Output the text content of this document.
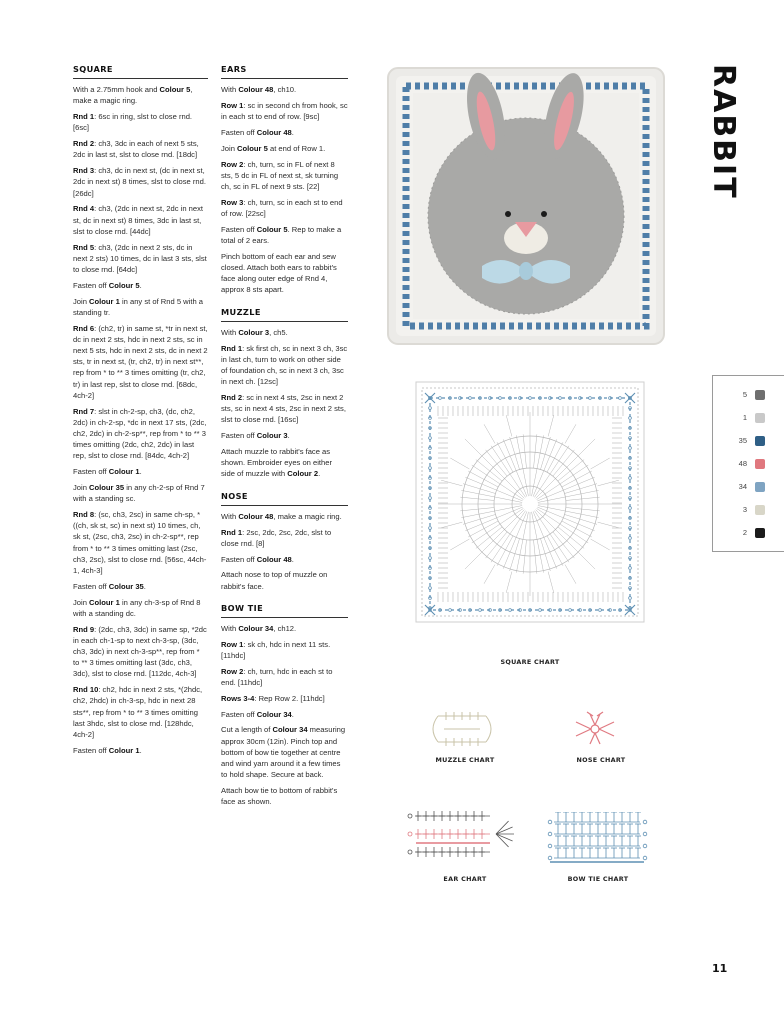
SQUARE

With a 2.75mm hook and Colour 5, make a magic ring.

Rnd 1: 6sc in ring, slst to close rnd. [6sc]

Rnd 2: ch3, 3dc in each of next 5 sts, 2dc in last st, slst to close rnd. [18dc]

Rnd 3: ch3, dc in next st, (dc in next st, 2dc in next st) 8 times, slst to close rnd. [26dc]

Rnd 4: ch3, (2dc in next st, 2dc in next st, dc in next st) 8 times, 3dc in last st, slst to close rnd. [44dc]

Rnd 5: ch3, (2dc in next 2 sts, dc in next 2 sts) 10 times, dc in last 3 sts, slst to close rnd. [64dc]

Fasten off Colour 5.

Join Colour 1 in any st of Rnd 5 with a standing tr.

Rnd 6: (ch2, tr) in same st, *tr in next st, dc in next 2 sts, hdc in next 2 sts, sc in next 5 sts, hdc in next 2 sts, dc in next 2 sts, tr in next st, (tr, ch2, tr) in next st**, rep from * to ** 3 times omitting (tr, ch2, tr) in last rep, slst to close rnd. [68dc, 4ch-2]

Rnd 7: slst in ch-2-sp, ch3, (dc, ch2, 2dc) in ch-2-sp, *dc in next 17 sts, (2dc, ch2, 2dc) in ch-2-sp**, rep from * to ** 3 times omitting (2dc, ch2, 2dc) in last rep, slst to close rnd. [84dc, 4ch-2]

Fasten off Colour 1.

Join Colour 35 in any ch-2-sp of Rnd 7 with a standing sc.

Rnd 8: (sc, ch3, 2sc) in same ch-sp, *((ch, sk st, sc) in next st) 10 times, ch, sk st, (2sc, ch3, 2sc) in ch-2-sp**, rep from * to ** 3 times omitting last (2sc, ch3, 2sc), slst to close rnd. [56sc, 44ch-1, 4ch-3]

Fasten off Colour 35.

Join Colour 1 in any ch-3-sp of Rnd 8 with a standing dc.

Rnd 9: (2dc, ch3, 3dc) in same sp, *2dc in each ch-1-sp to next ch-3-sp, (3dc, ch3, 3dc) in next ch-3-sp**, rep from * to ** 3 times omitting last (3dc, ch3, 3dc), slst to close rnd. [112dc, 4ch-3]

Rnd 10: ch2, hdc in next 2 sts, *(2hdc, ch2, 2hdc) in ch-3-sp, hdc in next 28 sts**, rep from * to ** 3 times omitting last 3hdc, slst to close rnd. [128hdc, 4ch-2]

Fasten off Colour 1.

EARS

With Colour 48, ch10.

Row 1: sc in second ch from hook, sc in each st to end of row. [9sc]

Fasten off Colour 48.

Join Colour 5 at end of Row 1.

Row 2: ch, turn, sc in FL of next 8 sts, 5 dc in FL of next st, sk turning ch, sc in FL of next 9 sts. [22]

Row 3: ch, turn, sc in each st to end of row. [22sc]

Fasten off Colour 5. Rep to make a total of 2 ears.

Pinch bottom of each ear and sew closed. Attach both ears to rabbit's face along outer edge of Rnd 4, approx 8 sts apart.

MUZZLE

With Colour 3, ch5.

Rnd 1: sk first ch, sc in next 3 ch, 3sc in last ch, turn to work on other side of foundation ch, sc in next 3 ch, 3sc in next ch. [12sc]

Rnd 2: sc in next 4 sts, 2sc in next 2 sts, sc in next 4 sts, 2sc in next 2 sts, slst to close rnd. [16sc]

Fasten off Colour 3.

Attach muzzle to rabbit's face as shown. Embroider eyes on either side of muzzle with Colour 2.

NOSE

With Colour 48, make a magic ring.

Rnd 1: 2sc, 2dc, 2sc, 2dc, slst to close rnd. [8]

Fasten off Colour 48.

Attach nose to top of muzzle on rabbit's face.

BOW TIE

With Colour 34, ch12.

Row 1: sk ch, hdc in next 11 sts. [11hdc]

Row 2: ch, turn, hdc in each st to end. [11hdc]

Rows 3-4: Rep Row 2. [11hdc]

Fasten off Colour 34.

Cut a length of Colour 34 measuring approx 30cm (12in). Pinch top and bottom of bow tie together at centre and wind yarn around it a few times to hold shape. Secure at back.

Attach bow tie to bottom of rabbit's face as shown.

RABBIT
5
1
35
48
34
3
2
SQUARE CHART
MUZZLE CHART	NOSE CHART
EAR CHART	BOW TIE CHART
11
